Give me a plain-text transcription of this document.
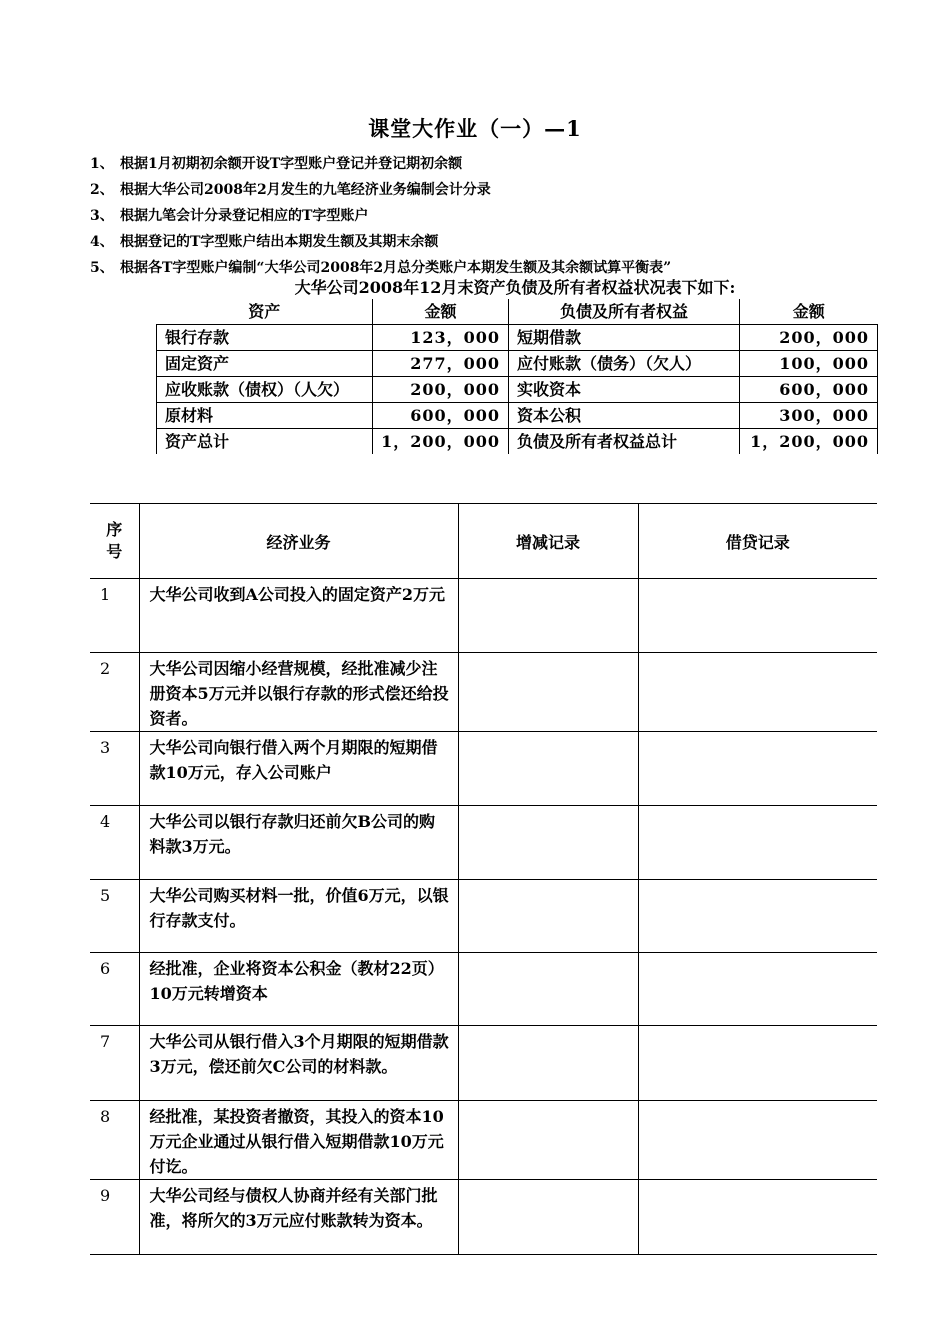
课堂大作业（一）—1
1、 根据1月初期初余额开设T字型账户登记并登记期初余额
2、 根据大华公司2008年2月发生的九笔经济业务编制会计分录
3、 根据九笔会计分录登记相应的T字型账户
4、 根据登记的T字型账户结出本期发生额及其期末余额
5、 根据各T字型账户编制“大华公司2008年2月总分类账户本期发生额及其余额试算平衡表”
大华公司2008年12月末资产负债及所有者权益状况表下如下:
资产	金额	负债及所有者权益	金额
银行存款	123，000	短期借款	200，000
固定资产	277，000	应付账款（债务）（欠人）	100，000
应收账款（债权）（人欠）	200，000	实收资本	600，000
原材料	600，000	资本公积	300，000
资产总计	1，200，000	负债及所有者权益总计	1，200，000
序号	经济业务	增减记录	借贷记录
1	大华公司收到A公司投入的固定资产2万元		
2	大华公司因缩小经营规模，经批准减少注册资本5万元并以银行存款的形式偿还给投资者。		
3	大华公司向银行借入两个月期限的短期借款10万元，存入公司账户		
4	大华公司以银行存款归还前欠B公司的购料款3万元。		
5	大华公司购买材料一批，价值6万元，以银行存款支付。		
6	经批准，企业将资本公积金（教材22页）10万元转增资本		
7	大华公司从银行借入3个月期限的短期借款3万元，偿还前欠C公司的材料款。		
8	经批准，某投资者撤资，其投入的资本10万元企业通过从银行借入短期借款10万元付讫。		
9	大华公司经与债权人协商并经有关部门批准，将所欠的3万元应付账款转为资本。		
